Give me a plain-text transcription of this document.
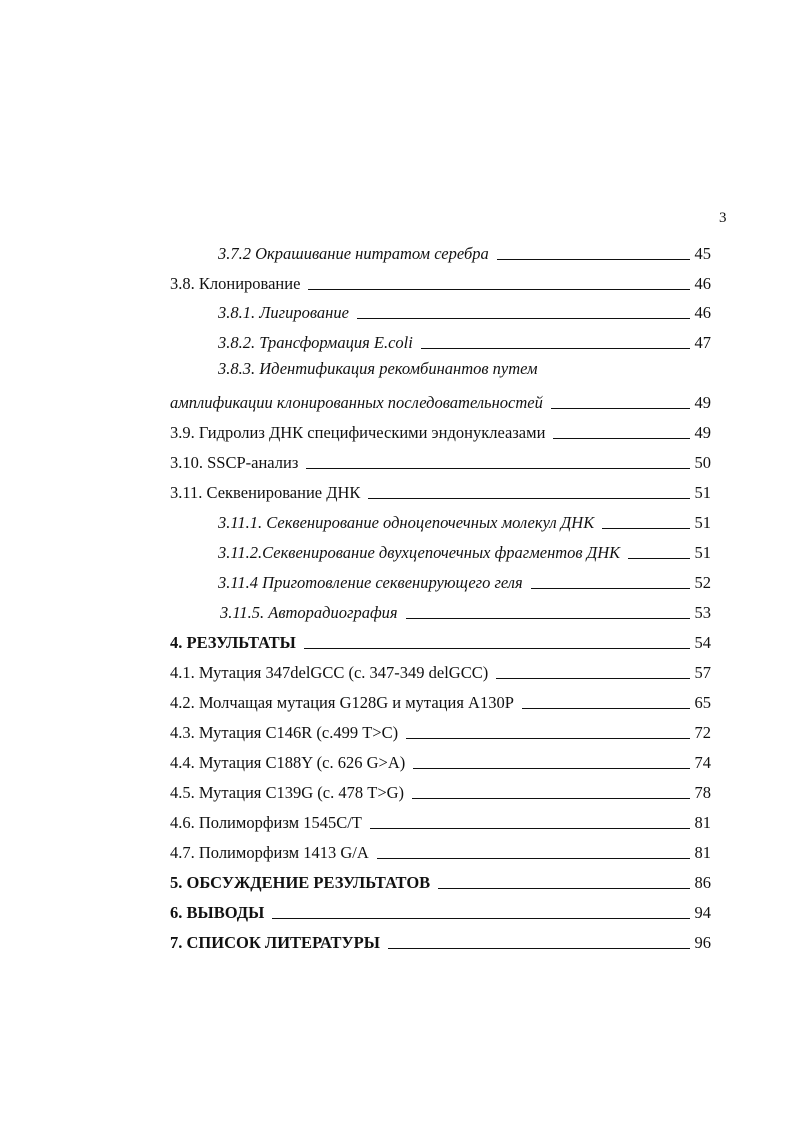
3
3.7.2 Окрашивание нитратом серебра	45
3.8. Клонирование	46
3.8.1. Лигирование	46
3.8.2. Трансформация E.coli	47
3.8.3. Идентификация рекомбинантов путем
амплификации клонированных последовательностей	49
3.9. Гидролиз ДНК специфическими эндонуклеазами	49
3.10. SSCP-анализ	50
3.11. Секвенирование ДНК	51
3.11.1. Секвенирование одноцепочечных молекул ДНК	51
3.11.2.Секвенирование двухцепочечных фрагментов ДНК	51
3.11.4 Приготовление секвенирующего геля	52
3.11.5. Авторадиография	53
4. РЕЗУЛЬТАТЫ	54
4.1. Мутация 347delGCC (с. 347-349 delGCC)	57
4.2. Молчащая мутация G128G и мутация A130P	65
4.3. Мутация С146R (с.499 T>C)	72
4.4. Мутация C188Y (с. 626 G>A)	74
4.5. Мутация С139G (с. 478 T>G)	78
4.6. Полиморфизм 1545C/T	81
4.7. Полиморфизм 1413 G/A	81
5. ОБСУЖДЕНИЕ РЕЗУЛЬТАТОВ	86
6. ВЫВОДЫ	94
7. СПИСОК ЛИТЕРАТУРЫ	96
